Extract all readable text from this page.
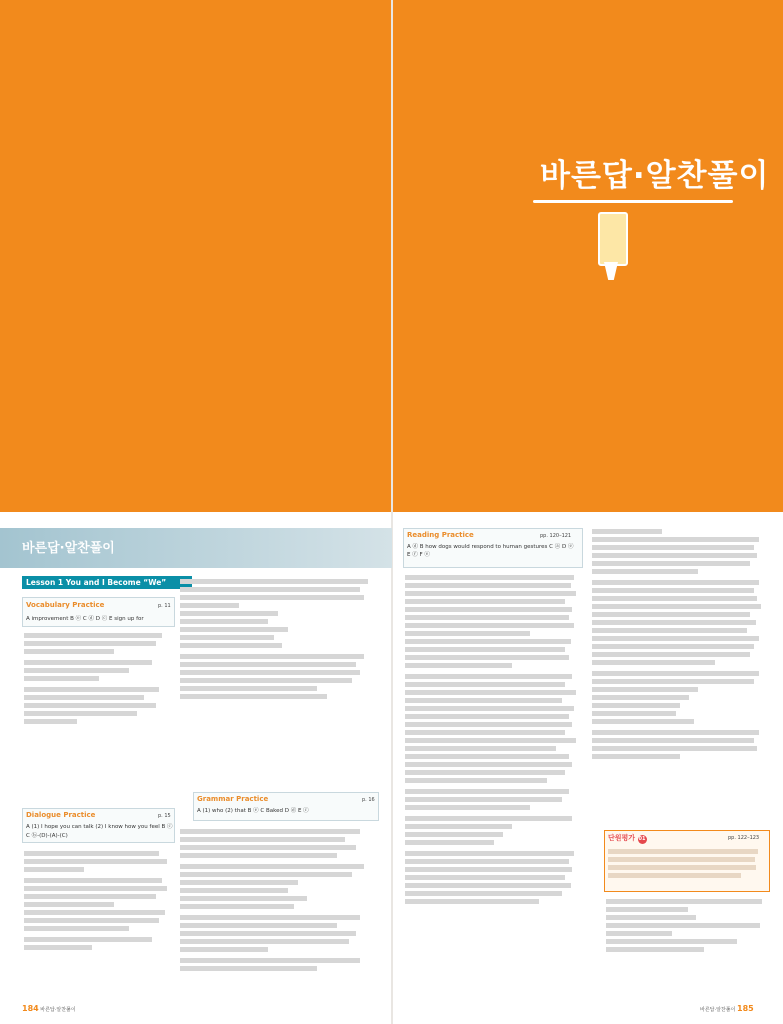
바른답·알찬풀이
바른답·알찬풀이
Lesson 1 You and I Become “We”
Vocabulary Practice	p. 11
A improvement B ⓔ C ⓓ D ⓒ E sign up for
Dialogue Practice	p. 15
A (1) I hope you can talk (2) I know how you feel B ⓒ
C ⓑ-(D)-(A)-(C)
Grammar Practice	p. 16
A (1) who (2) that B ⓔ C Baked D ⓓ E ⓒ
184 바른답·알찬풀이
Reading Practice	pp. 120–121
A ⓓ B how dogs would respond to human gestures C ⓐ D ⓔ E ⓕ F ⓔ
단원평가 01	pp. 122–123
바른답·알찬풀이 185
